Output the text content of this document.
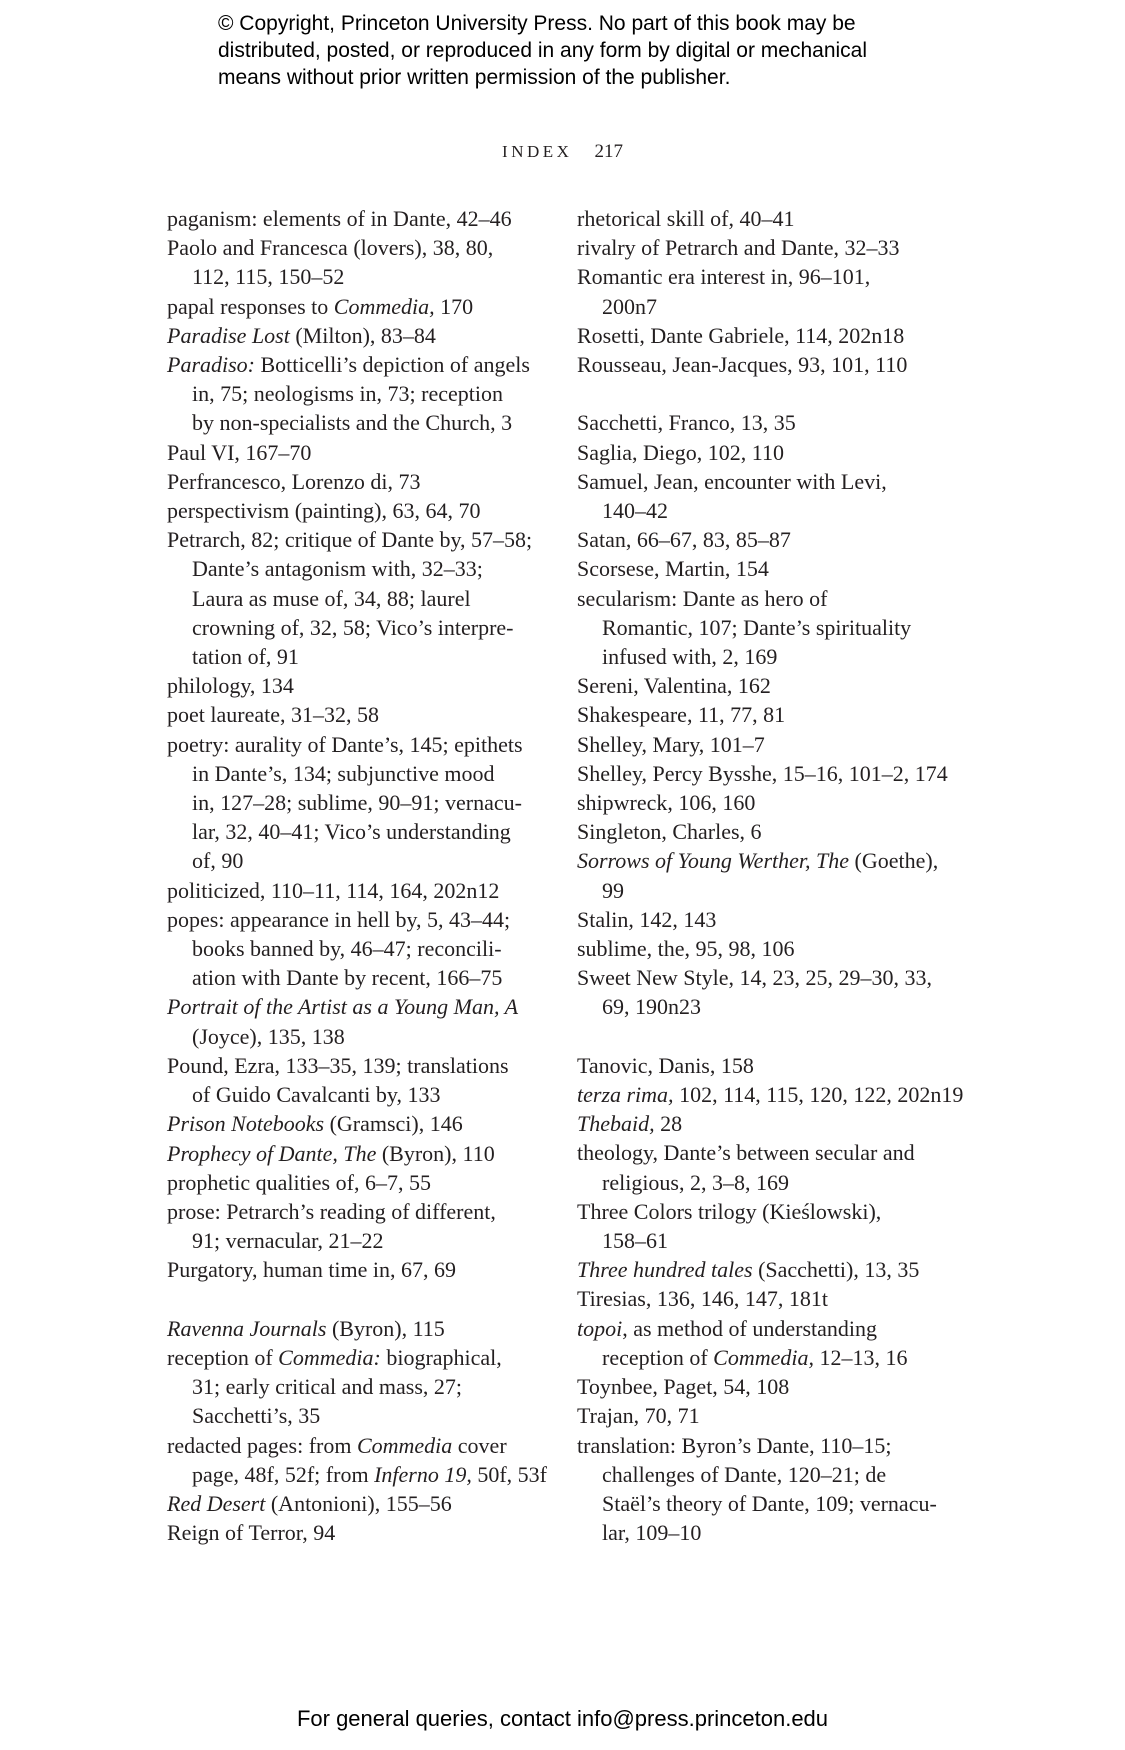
© Copyright, Princeton University Press. No part of this book may be
distributed, posted, or reproduced in any form by digital or mechanical
means without prior written permission of the publisher.
INDEX 217
paganism: elements of in Dante, 42–46
Paolo and Francesca (lovers), 38, 80,
112, 115, 150–52
papal responses to Commedia, 170
Paradise Lost (Milton), 83–84
Paradiso: Botticelli’s depiction of angels
in, 75; neologisms in, 73; reception
by non-specialists and the Church, 3
Paul VI, 167–70
Perfrancesco, Lorenzo di, 73
perspectivism (painting), 63, 64, 70
Petrarch, 82; critique of Dante by, 57–58;
Dante’s antagonism with, 32–33;
Laura as muse of, 34, 88; laurel
crowning of, 32, 58; Vico’s interpre-
tation of, 91
philology, 134
poet laureate, 31–32, 58
poetry: aurality of Dante’s, 145; epithets
in Dante’s, 134; subjunctive mood
in, 127–28; sublime, 90–91; vernacu-
lar, 32, 40–41; Vico’s understanding
of, 90
politicized, 110–11, 114, 164, 202n12
popes: appearance in hell by, 5, 43–44;
books banned by, 46–47; reconcili-
ation with Dante by recent, 166–75
Portrait of the Artist as a Young Man, A
(Joyce), 135, 138
Pound, Ezra, 133–35, 139; translations
of Guido Cavalcanti by, 133
Prison Notebooks (Gramsci), 146
Prophecy of Dante, The (Byron), 110
prophetic qualities of, 6–7, 55
prose: Petrarch’s reading of different,
91; vernacular, 21–22
Purgatory, human time in, 67, 69
Ravenna Journals (Byron), 115
reception of Commedia: biographical,
31; early critical and mass, 27;
Sacchetti’s, 35
redacted pages: from Commedia cover
page, 48f, 52f; from Inferno 19, 50f, 53f
Red Desert (Antonioni), 155–56
Reign of Terror, 94
rhetorical skill of, 40–41
rivalry of Petrarch and Dante, 32–33
Romantic era interest in, 96–101,
200n7
Rosetti, Dante Gabriele, 114, 202n18
Rousseau, Jean-Jacques, 93, 101, 110
Sacchetti, Franco, 13, 35
Saglia, Diego, 102, 110
Samuel, Jean, encounter with Levi,
140–42
Satan, 66–67, 83, 85–87
Scorsese, Martin, 154
secularism: Dante as hero of
Romantic, 107; Dante’s spirituality
infused with, 2, 169
Sereni, Valentina, 162
Shakespeare, 11, 77, 81
Shelley, Mary, 101–7
Shelley, Percy Bysshe, 15–16, 101–2, 174
shipwreck, 106, 160
Singleton, Charles, 6
Sorrows of Young Werther, The (Goethe),
99
Stalin, 142, 143
sublime, the, 95, 98, 106
Sweet New Style, 14, 23, 25, 29–30, 33,
69, 190n23
Tanovic, Danis, 158
terza rima, 102, 114, 115, 120, 122, 202n19
Thebaid, 28
theology, Dante’s between secular and
religious, 2, 3–8, 169
Three Colors trilogy (Kieślowski),
158–61
Three hundred tales (Sacchetti), 13, 35
Tiresias, 136, 146, 147, 181t
topoi, as method of understanding
reception of Commedia, 12–13, 16
Toynbee, Paget, 54, 108
Trajan, 70, 71
translation: Byron’s Dante, 110–15;
challenges of Dante, 120–21; de
Staël’s theory of Dante, 109; vernacu-
lar, 109–10
For general queries, contact info@press.princeton.edu
